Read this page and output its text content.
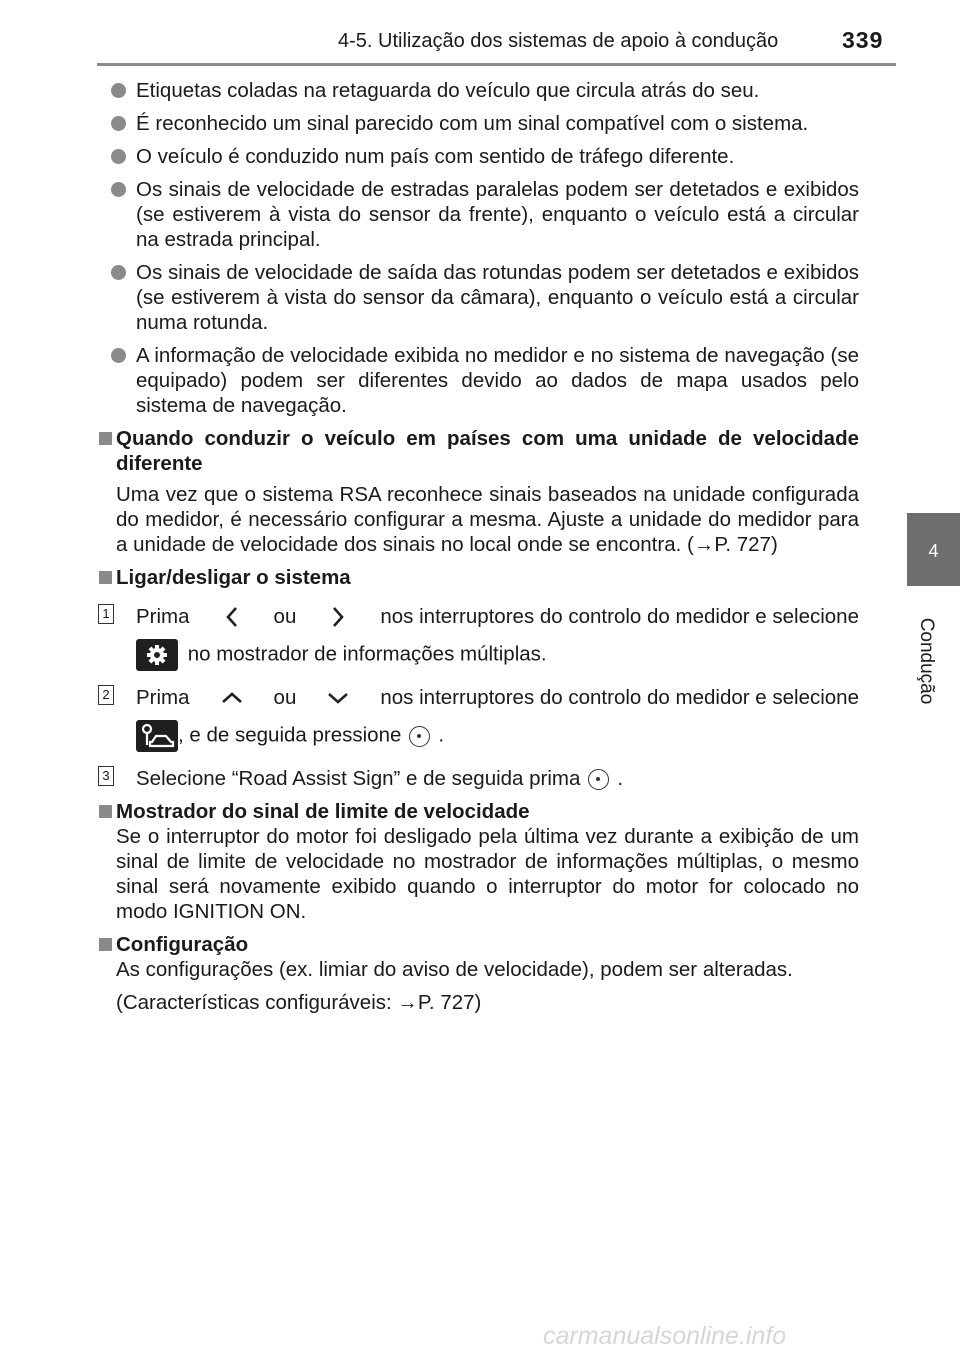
4-5. Utilização dos sistemas de apoio à condução	339
4
Condução
Etiquetas coladas na retaguarda do veículo que circula atrás do seu.
É reconhecido um sinal parecido com um sinal compatível com o sistema.
O veículo é conduzido num país com sentido de tráfego diferente.
Os sinais de velocidade de estradas paralelas podem ser detetados e exibidos (se estiverem à vista do sensor da frente), enquanto o veículo está a circular na estrada principal.
Os sinais de velocidade de saída das rotundas podem ser detetados e exibidos (se estiverem à vista do sensor da câmara), enquanto o veículo está a circular numa rotunda.
A informação de velocidade exibida no medidor e no sistema de navegação (se equipado) podem ser diferentes devido ao dados de mapa usados pelo sistema de navegação.
Quando conduzir o veículo em países com uma unidade de velocidade diferente
Uma vez que o sistema RSA reconhece sinais baseados na unidade configurada do medidor, é necessário configurar a mesma. Ajuste a unidade do medidor para a unidade de velocidade dos sinais no local onde se encontra. (→P. 727)
Ligar/desligar o sistema
1 Prima	ou	nos interruptores do controlo do medidor e selecione
no mostrador de informações múltiplas.
2 Prima	ou	nos interruptores do controlo do medidor e selecione
, e de seguida pressione .
3 Selecione “Road Assist Sign” e de seguida prima .
Mostrador do sinal de limite de velocidade
Se o interruptor do motor foi desligado pela última vez durante a exibição de um sinal de limite de velocidade no mostrador de informações múltiplas, o mesmo sinal será novamente exibido quando o interruptor do motor for colocado no modo IGNITION ON.
Configuração
As configurações (ex. limiar do aviso de velocidade), podem ser alteradas.
(Características configuráveis: →P. 727)
carmanualsonline.info
